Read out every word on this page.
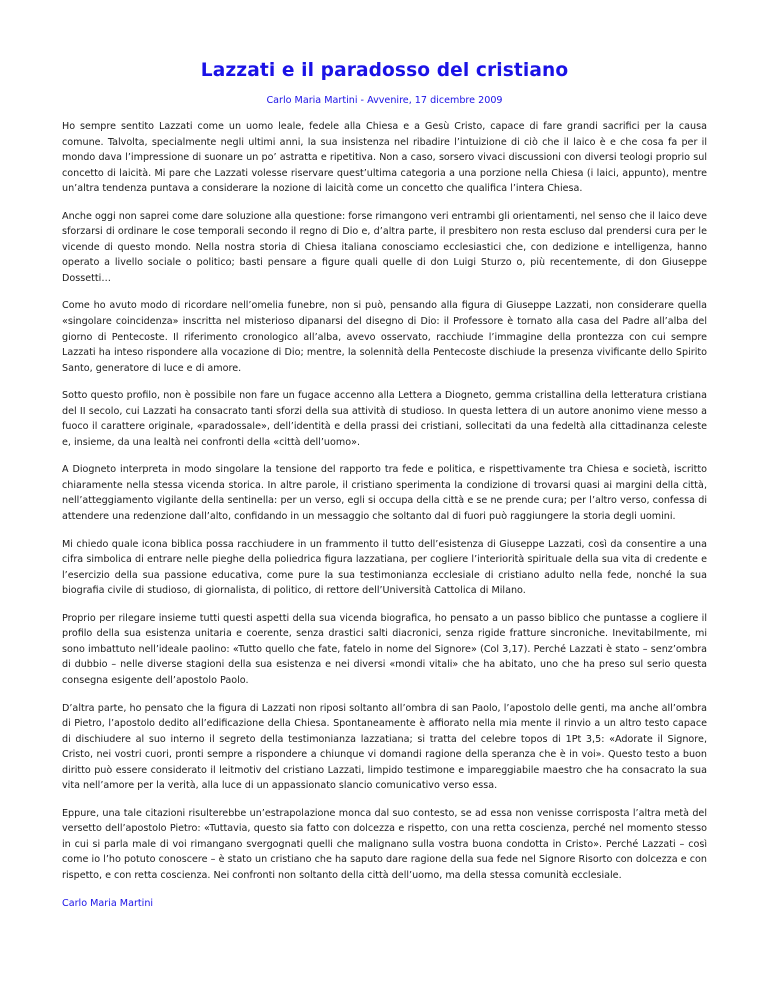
Lazzati e il paradosso del cristiano

Carlo Maria Martini - Avvenire, 17 dicembre 2009

Ho sempre sentito Lazzati come un uomo leale, fedele alla Chiesa e a Gesù Cristo, capace di fare grandi sacrifici per la causa comune. Talvolta, specialmente negli ultimi anni, la sua insistenza nel ribadire l’intuizione di ciò che il laico è e che cosa fa per il mondo dava l’impressione di suonare un po’ astratta e ripetitiva. Non a caso, sorsero vivaci discussioni con diversi teologi proprio sul concetto di laicità. Mi pare che Lazzati volesse riservare quest’ultima categoria a una porzione nella Chiesa (i laici, appunto), mentre un’altra tendenza puntava a considerare la nozione di laicità come un concetto che qualifica l’intera Chiesa.

Anche oggi non saprei come dare soluzione alla questione: forse rimangono veri entrambi gli orientamenti, nel senso che il laico deve sforzarsi di ordinare le cose temporali secondo il regno di Dio e, d’altra parte, il presbitero non resta escluso dal prendersi cura per le vicende di questo mondo. Nella nostra storia di Chiesa italiana conosciamo ecclesiastici che, con dedizione e intelligenza, hanno operato a livello sociale o politico; basti pensare a figure quali quelle di don Luigi Sturzo o, più recentemente, di don Giuseppe Dossetti…

Come ho avuto modo di ricordare nell’omelia funebre, non si può, pensando alla figura di Giuseppe Lazzati, non considerare quella «singolare coincidenza» inscritta nel misterioso dipanarsi del disegno di Dio: il Professore è tornato alla casa del Padre all’alba del giorno di Pentecoste. Il riferimento cronologico all’alba, avevo osservato, racchiude l’immagine della prontezza con cui sempre Lazzati ha inteso rispondere alla vocazione di Dio; mentre, la solennità della Pentecoste dischiude la presenza vivificante dello Spirito Santo, generatore di luce e di amore.

Sotto questo profilo, non è possibile non fare un fugace accenno alla Lettera a Diogneto, gemma cristallina della letteratura cristiana del II secolo, cui Lazzati ha consacrato tanti sforzi della sua attività di studioso. In questa lettera di un autore anonimo viene messo a fuoco il carattere originale, «paradossale», dell’identità e della prassi dei cristiani, sollecitati da una fedeltà alla cittadinanza celeste e, insieme, da una lealtà nei confronti della «città dell’uomo».

A Diogneto interpreta in modo singolare la tensione del rapporto tra fede e politica, e rispettivamente tra Chiesa e società, iscritto chiaramente nella stessa vicenda storica. In altre parole, il cristiano sperimenta la condizione di trovarsi quasi ai margini della città, nell’atteggiamento vigilante della sentinella: per un verso, egli si occupa della città e se ne prende cura; per l’altro verso, confessa di attendere una redenzione dall’alto, confidando in un messaggio che soltanto dal di fuori può raggiungere la storia degli uomini.

Mi chiedo quale icona biblica possa racchiudere in un frammento il tutto dell’esistenza di Giuseppe Lazzati, così da consentire a una cifra simbolica di entrare nelle pieghe della poliedrica figura lazzatiana, per cogliere l’interiorità spirituale della sua vita di credente e l’esercizio della sua passione educativa, come pure la sua testimonianza ecclesiale di cristiano adulto nella fede, nonché la sua biografia civile di studioso, di giornalista, di politico, di rettore dell’Università Cattolica di Milano.

Proprio per rilegare insieme tutti questi aspetti della sua vicenda biografica, ho pensato a un passo biblico che puntasse a cogliere il profilo della sua esistenza unitaria e coerente, senza drastici salti diacronici, senza rigide fratture sincroniche. Inevitabilmente, mi sono imbattuto nell’ideale paolino: «Tutto quello che fate, fatelo in nome del Signore» (Col 3,17). Perché Lazzati è stato – senz’ombra di dubbio – nelle diverse stagioni della sua esistenza e nei diversi «mondi vitali» che ha abitato, uno che ha preso sul serio questa consegna esigente dell’apostolo Paolo.

D’altra parte, ho pensato che la figura di Lazzati non riposi soltanto all’ombra di san Paolo, l’apostolo delle genti, ma anche all’ombra di Pietro, l’apostolo dedito all’edificazione della Chiesa. Spontaneamente è affiorato nella mia mente il rinvio a un altro testo capace di dischiudere al suo interno il segreto della testimonianza lazzatiana; si tratta del celebre topos di 1Pt 3,5: «Adorate il Signore, Cristo, nei vostri cuori, pronti sempre a rispondere a chiunque vi domandi ragione della speranza che è in voi». Questo testo a buon diritto può essere considerato il leitmotiv del cristiano Lazzati, limpido testimone e impareggiabile maestro che ha consacrato la sua vita nell’amore per la verità, alla luce di un appassionato slancio comunicativo verso essa.

Eppure, una tale citazioni risulterebbe un’estrapolazione monca dal suo contesto, se ad essa non venisse corrisposta l’altra metà del versetto dell’apostolo Pietro: «Tuttavia, questo sia fatto con dolcezza e rispetto, con una retta coscienza, perché nel momento stesso in cui si parla male di voi rimangano svergognati quelli che malignano sulla vostra buona condotta in Cristo». Perché Lazzati – così come io l’ho potuto conoscere – è stato un cristiano che ha saputo dare ragione della sua fede nel Signore Risorto con dolcezza e con rispetto, e con retta coscienza. Nei confronti non soltanto della città dell’uomo, ma della stessa comunità ecclesiale.

Carlo Maria Martini
